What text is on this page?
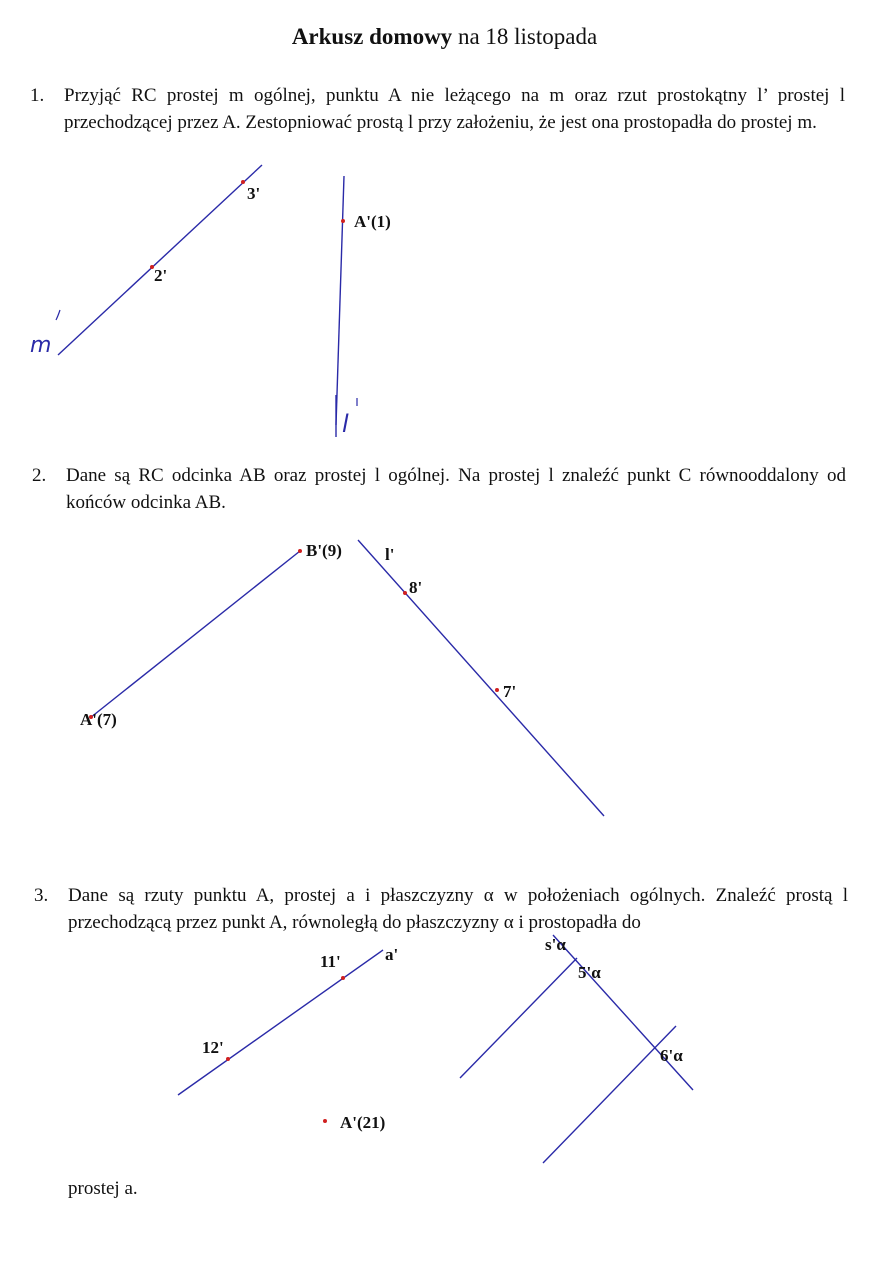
Arkusz domowy na 18 listopada
1. Przyjąć RC prostej m ogólnej, punktu A nie leżącego na m oraz rzut prostokątny l’ prostej l przechodzącej przez A. Zestopniować prostą l przy założeniu, że jest ona prostopadła do prostej m.
2. Dane są RC odcinka AB oraz prostej l ogólnej. Na prostej l znaleźć punkt C równooddalony od końców odcinka AB.
3. Dane są rzuty punktu A, prostej a i płaszczyzny α w położeniach ogólnych. Znaleźć prostą l przechodzącą przez punkt A, równoległą do płaszczyzny α i prostopadła do
prostej a.
3'
2'
m
A'(1)
l
B'(9)
A'(7)
l'
8'
7'
11'	a'
12'
A'(21)
s'α
5'α
6'α
